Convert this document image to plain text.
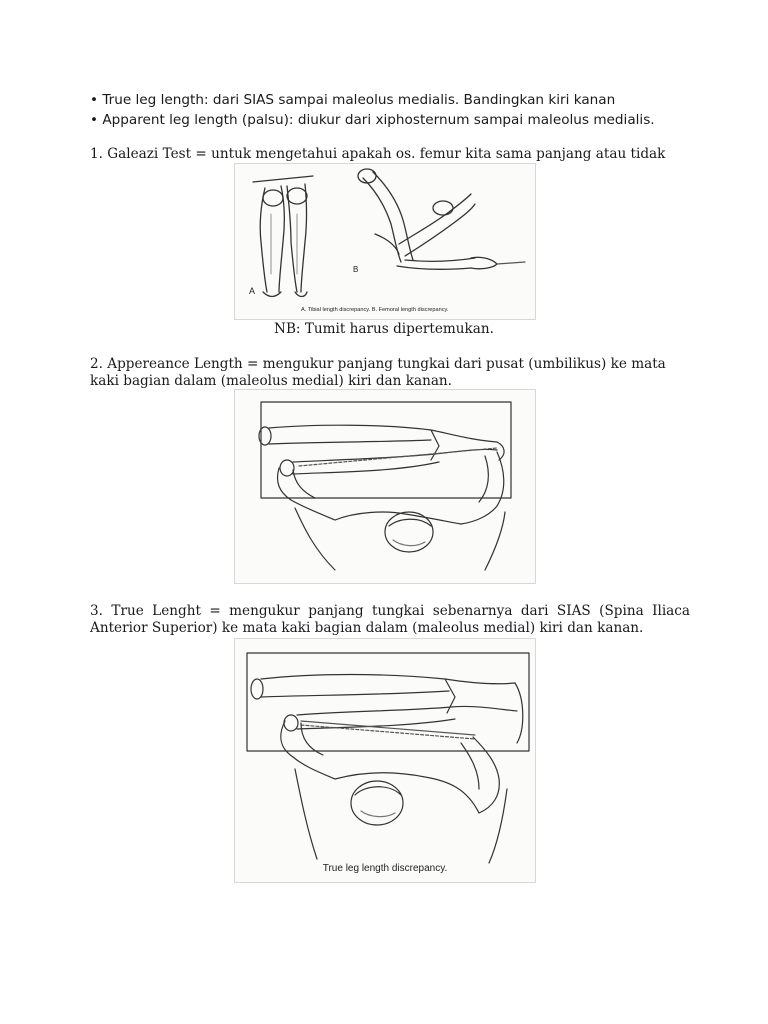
• True leg length: dari SIAS sampai maleolus medialis. Bandingkan kiri kanan
• Apparent leg length (palsu): diukur dari xiphosternum sampai maleolus medialis.
1. Galeazi Test = untuk mengetahui apakah os. femur kita sama panjang atau tidak
A
B
A. Tibial length discrepancy. B. Femoral length discrepancy.
NB: Tumit harus dipertemukan.
2. Appereance Length = mengukur panjang tungkai dari pusat (umbilikus) ke mata kaki bagian dalam (maleolus medial) kiri dan kanan.
3. True Lenght = mengukur panjang tungkai sebenarnya dari SIAS (Spina Iliaca Anterior Superior) ke mata kaki bagian dalam (maleolus medial) kiri dan kanan.
True leg length discrepancy.
